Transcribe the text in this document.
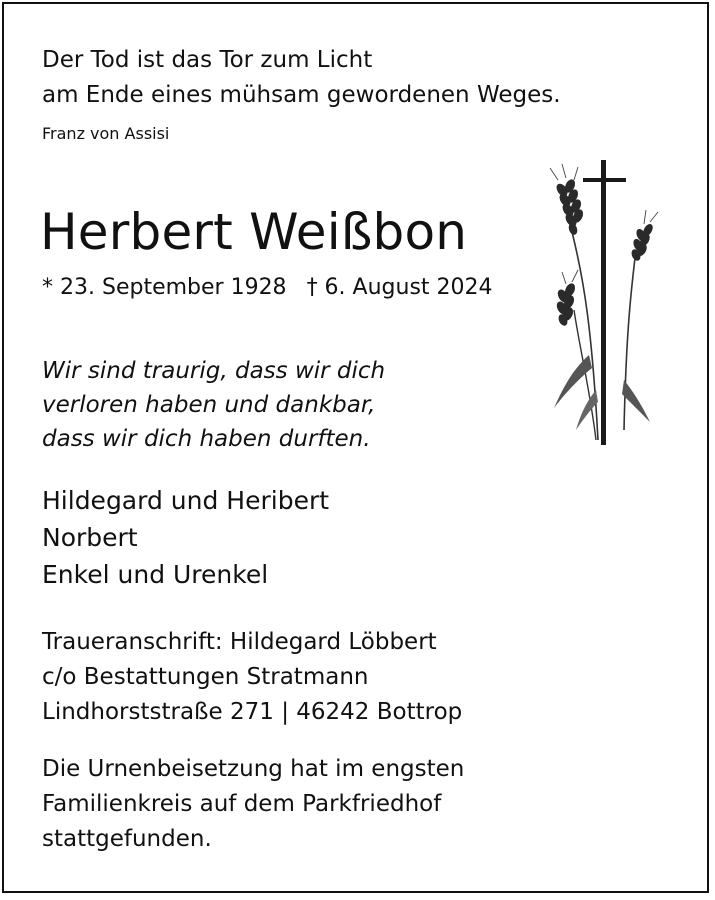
Der Tod ist das Tor zum Licht
am Ende eines mühsam gewordenen Weges.
Franz von Assisi
Herbert Weißbon
* 23. September 1928 † 6. August 2024
Wir sind traurig, dass wir dich
verloren haben und dankbar,
dass wir dich haben durften.
Hildegard und Heribert
Norbert
Enkel und Urenkel
Traueranschrift: Hildegard Löbbert
c/o Bestattungen Stratmann
Lindhorststraße 271 | 46242 Bottrop
Die Urnenbeisetzung hat im engsten
Familienkreis auf dem Parkfriedhof
stattgefunden.
